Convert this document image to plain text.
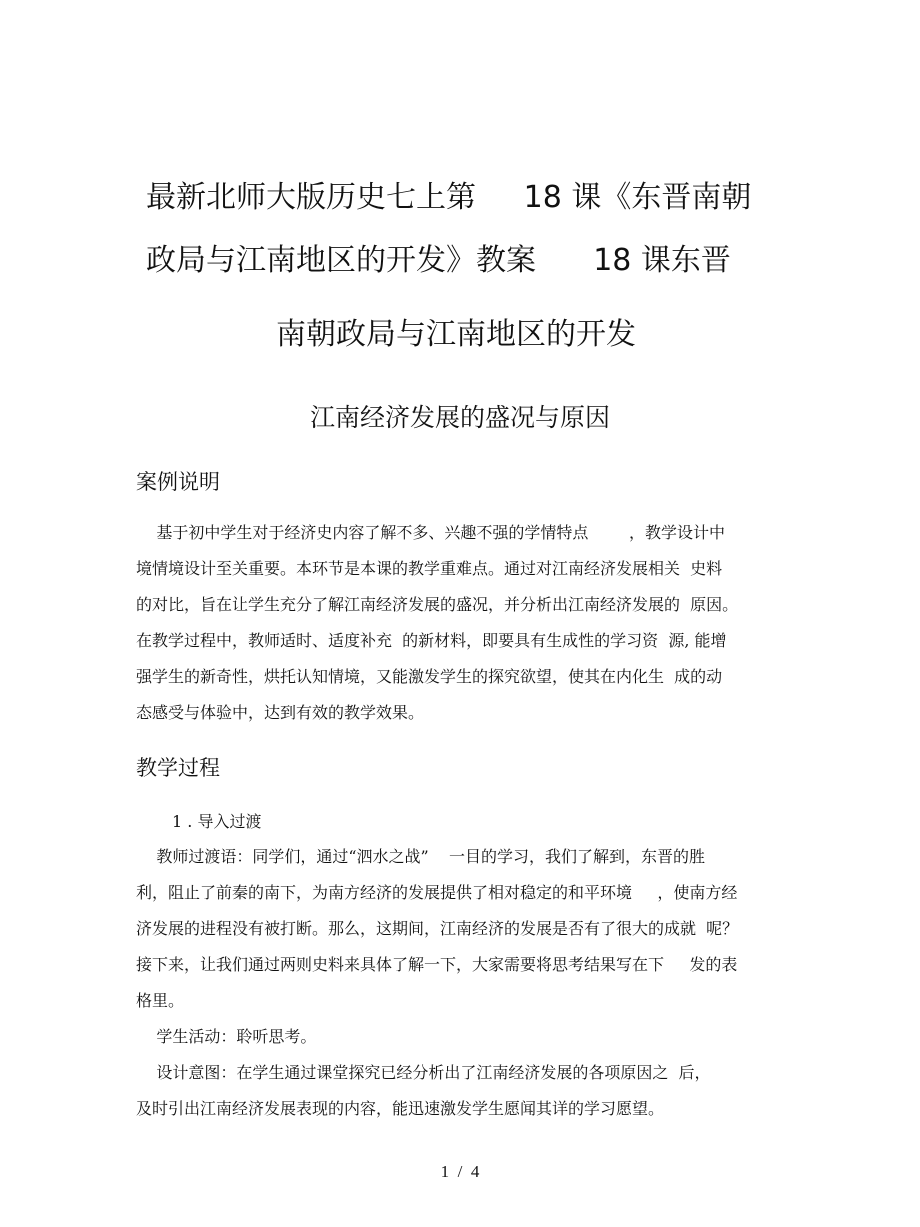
最新北师大版历史七上第     18 课《东晋南朝
政局与江南地区的开发》教案      18 课东晋
南朝政局与江南地区的开发
江南经济发展的盛况与原因
案例说明
基于初中学生对于经济史内容了解不多、兴趣不强的学情特点        ，教学设计中
境情境设计至关重要。本环节是本课的教学重难点。通过对江南经济发展相关  史料
的对比，旨在让学生充分了解江南经济发展的盛况，并分析出江南经济发展的  原因。
在教学过程中，教师适时、适度补充  的新材料，即要具有生成性的学习资  源, 能增
强学生的新奇性，烘托认知情境，又能激发学生的探究欲望，使其在内化生  成的动
态感受与体验中，达到有效的教学效果。
教学过程
1 . 导入过渡
教师过渡语：同学们，通过“泗水之战”    一目的学习，我们了解到，东晋的胜
利，阻止了前秦的南下，为南方经济的发展提供了相对稳定的和平环境     ，使南方经
济发展的进程没有被打断。那么，这期间，江南经济的发展是否有了很大的成就  呢？
接下来，让我们通过两则史料来具体了解一下，大家需要将思考结果写在下     发的表
格里。
学生活动：聆听思考。
设计意图：在学生通过课堂探究已经分析出了江南经济发展的各项原因之  后，
及时引出江南经济发展表现的内容，能迅速激发学生愿闻其详的学习愿望。
1  /  4
